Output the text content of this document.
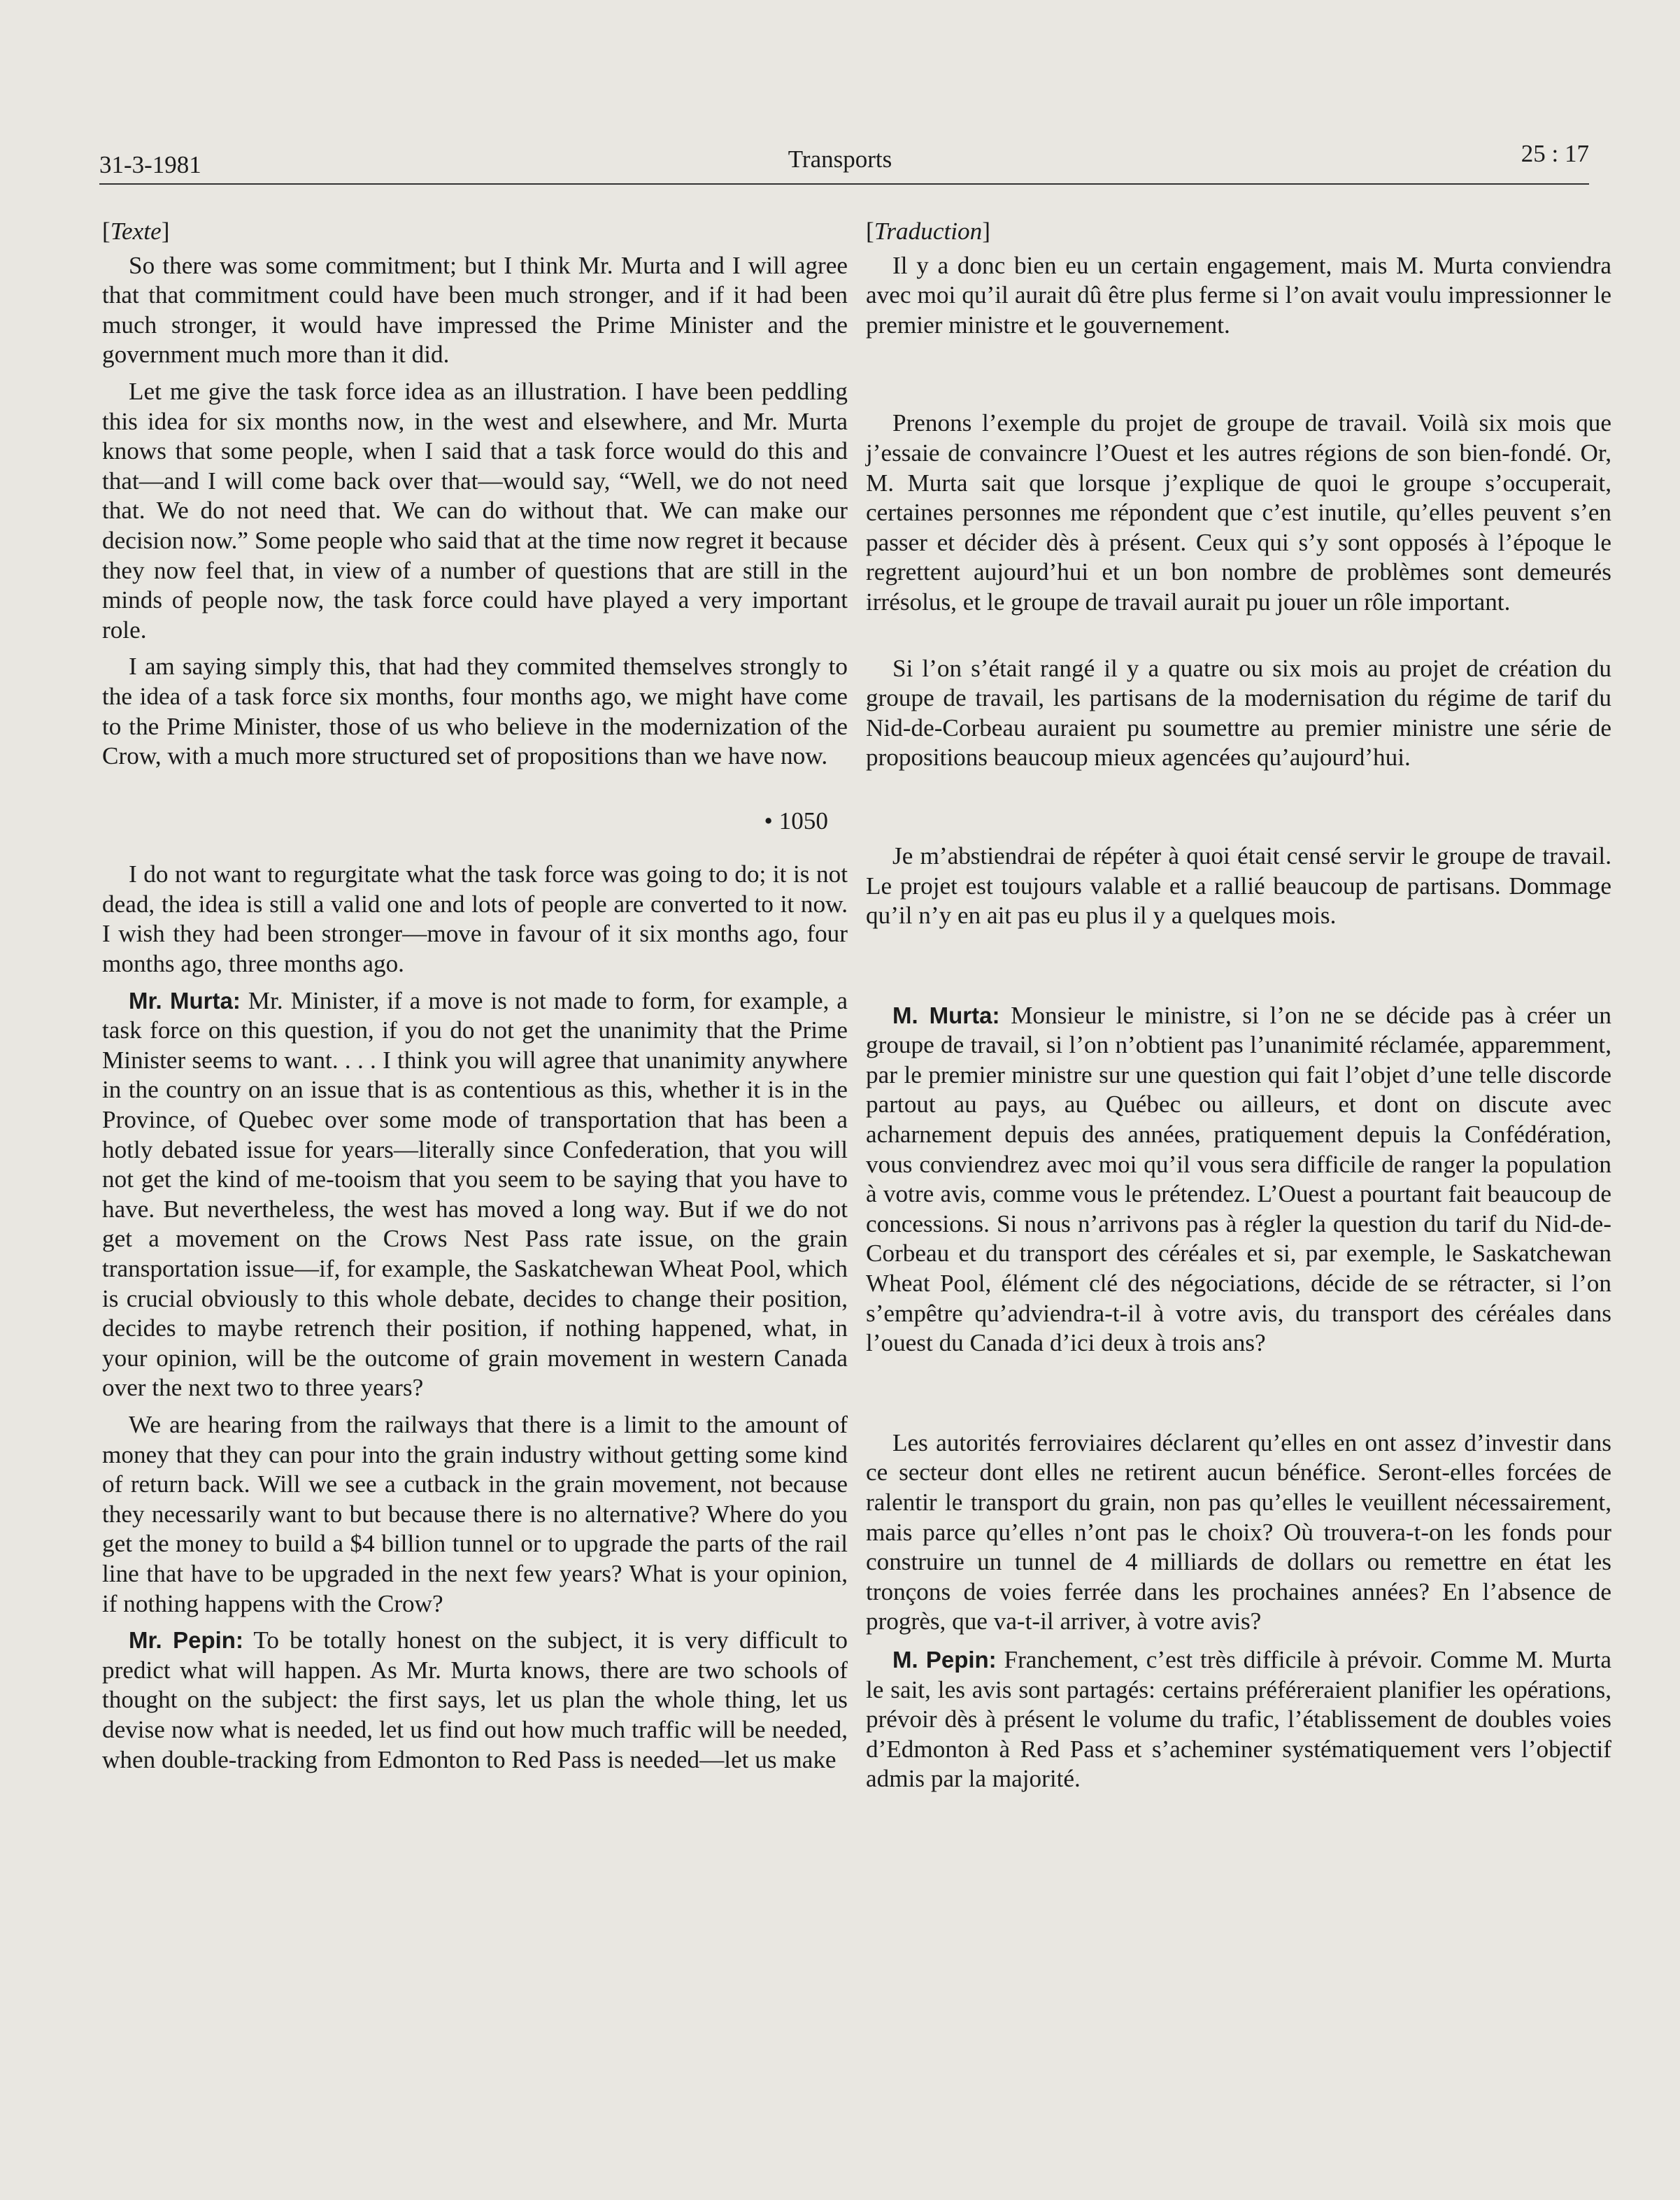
31-3-1981	Transports	25 : 17
[Texte]

So there was some commitment; but I think Mr. Murta and I will agree that that commitment could have been much stronger, and if it had been much stronger, it would have impressed the Prime Minister and the government much more than it did.

Let me give the task force idea as an illustration. I have been peddling this idea for six months now, in the west and elsewhere, and Mr. Murta knows that some people, when I said that a task force would do this and that—and I will come back over that—would say, “Well, we do not need that. We do not need that. We can do without that. We can make our decision now.” Some people who said that at the time now regret it because they now feel that, in view of a number of questions that are still in the minds of people now, the task force could have played a very important role.

I am saying simply this, that had they commited themselves strongly to the idea of a task force six months, four months ago, we might have come to the Prime Minister, those of us who believe in the modernization of the Crow, with a much more structured set of propositions than we have now.

• 1050

I do not want to regurgitate what the task force was going to do; it is not dead, the idea is still a valid one and lots of people are converted to it now. I wish they had been stronger—move in favour of it six months ago, four months ago, three months ago.

Mr. Murta: Mr. Minister, if a move is not made to form, for example, a task force on this question, if you do not get the unanimity that the Prime Minister seems to want. . . . I think you will agree that unanimity anywhere in the country on an issue that is as contentious as this, whether it is in the Province, of Quebec over some mode of transportation that has been a hotly debated issue for years—literally since Confederation, that you will not get the kind of me-tooism that you seem to be saying that you have to have. But nevertheless, the west has moved a long way. But if we do not get a movement on the Crows Nest Pass rate issue, on the grain transportation issue—if, for example, the Saskatchewan Wheat Pool, which is crucial obviously to this whole debate, decides to change their position, decides to maybe retrench their position, if nothing happened, what, in your opinion, will be the outcome of grain movement in western Canada over the next two to three years?

We are hearing from the railways that there is a limit to the amount of money that they can pour into the grain industry without getting some kind of return back. Will we see a cutback in the grain movement, not because they necessarily want to but because there is no alternative? Where do you get the money to build a $4 billion tunnel or to upgrade the parts of the rail line that have to be upgraded in the next few years? What is your opinion, if nothing happens with the Crow?

Mr. Pepin: To be totally honest on the subject, it is very difficult to predict what will happen. As Mr. Murta knows, there are two schools of thought on the subject: the first says, let us plan the whole thing, let us devise now what is needed, let us find out how much traffic will be needed, when double-tracking from Edmonton to Red Pass is needed—let us make

[Traduction]

Il y a donc bien eu un certain engagement, mais M. Murta conviendra avec moi qu’il aurait dû être plus ferme si l’on avait voulu impressionner le premier ministre et le gouvernement.

Prenons l’exemple du projet de groupe de travail. Voilà six mois que j’essaie de convaincre l’Ouest et les autres régions de son bien-fondé. Or, M. Murta sait que lorsque j’explique de quoi le groupe s’occuperait, certaines personnes me répondent que c’est inutile, qu’elles peuvent s’en passer et décider dès à présent. Ceux qui s’y sont opposés à l’époque le regrettent aujourd’hui et un bon nombre de problèmes sont demeurés irrésolus, et le groupe de travail aurait pu jouer un rôle important.

Si l’on s’était rangé il y a quatre ou six mois au projet de création du groupe de travail, les partisans de la modernisation du régime de tarif du Nid-de-Corbeau auraient pu soumettre au premier ministre une série de propositions beaucoup mieux agencées qu’aujourd’hui.

Je m’abstiendrai de répéter à quoi était censé servir le groupe de travail. Le projet est toujours valable et a rallié beaucoup de partisans. Dommage qu’il n’y en ait pas eu plus il y a quelques mois.

M. Murta: Monsieur le ministre, si l’on ne se décide pas à créer un groupe de travail, si l’on n’obtient pas l’unanimité réclamée, apparemment, par le premier ministre sur une question qui fait l’objet d’une telle discorde partout au pays, au Québec ou ailleurs, et dont on discute avec acharnement depuis des années, pratiquement depuis la Confédération, vous conviendrez avec moi qu’il vous sera difficile de ranger la population à votre avis, comme vous le prétendez. L’Ouest a pourtant fait beaucoup de concessions. Si nous n’arrivons pas à régler la question du tarif du Nid-de-Corbeau et du transport des céréales et si, par exemple, le Saskatchewan Wheat Pool, élément clé des négociations, décide de se rétracter, si l’on s’empêtre qu’adviendra-t-il à votre avis, du transport des céréales dans l’ouest du Canada d’ici deux à trois ans?

Les autorités ferroviaires déclarent qu’elles en ont assez d’investir dans ce secteur dont elles ne retirent aucun bénéfice. Seront-elles forcées de ralentir le transport du grain, non pas qu’elles le veuillent nécessairement, mais parce qu’elles n’ont pas le choix? Où trouvera-t-on les fonds pour construire un tunnel de 4 milliards de dollars ou remettre en état les tronçons de voies ferrée dans les prochaines années? En l’absence de progrès, que va-t-il arriver, à votre avis?

M. Pepin: Franchement, c’est très difficile à prévoir. Comme M. Murta le sait, les avis sont partagés: certains préféreraient planifier les opérations, prévoir dès à présent le volume du trafic, l’établissement de doubles voies d’Edmonton à Red Pass et s’acheminer systématiquement vers l’objectif admis par la majorité.
